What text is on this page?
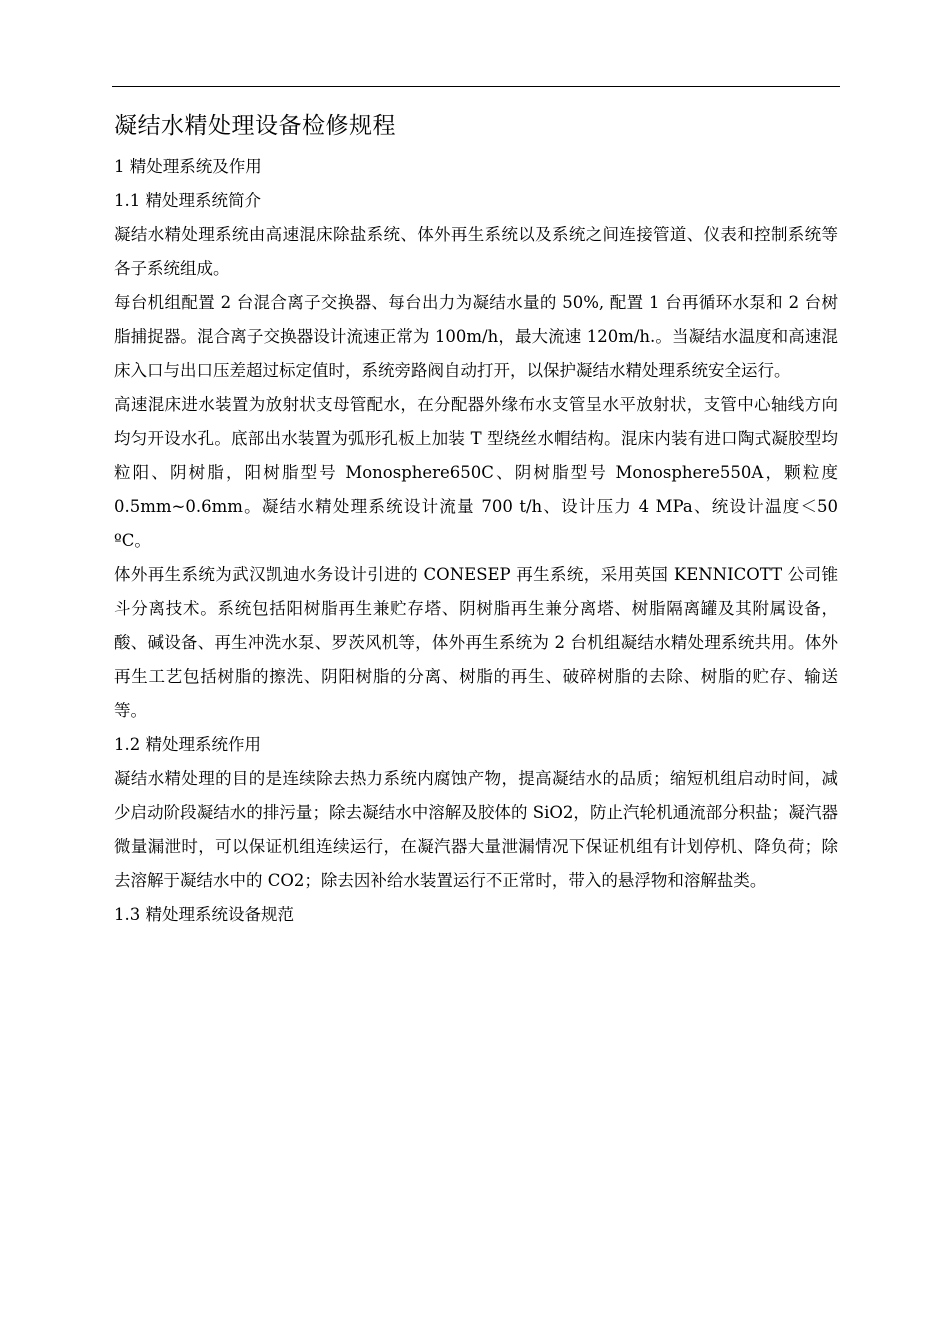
凝结水精处理设备检修规程

1 精处理系统及作用

1.1 精处理系统简介

凝结水精处理系统由高速混床除盐系统、体外再生系统以及系统之间连接管道、仪表和控制系统等各子系统组成。

每台机组配置 2 台混合离子交换器、每台出力为凝结水量的 50%, 配置 1 台再循环水泵和 2 台树脂捕捉器。混合离子交换器设计流速正常为 100m/h，最大流速 120m/h.。当凝结水温度和高速混床入口与出口压差超过标定值时，系统旁路阀自动打开，以保护凝结水精处理系统安全运行。

高速混床进水装置为放射状支母管配水，在分配器外缘布水支管呈水平放射状，支管中心轴线方向均匀开设水孔。底部出水装置为弧形孔板上加装 T 型绕丝水帽结构。混床内装有进口陶式凝胶型均粒阳、阴树脂，阳树脂型号 Monosphere650C、阴树脂型号 Monosphere550A，颗粒度 0.5mm~0.6mm。凝结水精处理系统设计流量 700 t/h、设计压力 4 MPa、统设计温度＜50 ºC。

体外再生系统为武汉凯迪水务设计引进的 CONESEP 再生系统，采用英国 KENNICOTT 公司锥斗分离技术。系统包括阳树脂再生兼贮存塔、阴树脂再生兼分离塔、树脂隔离罐及其附属设备，酸、碱设备、再生冲洗水泵、罗茨风机等，体外再生系统为 2 台机组凝结水精处理系统共用。体外再生工艺包括树脂的擦洗、阴阳树脂的分离、树脂的再生、破碎树脂的去除、树脂的贮存、输送等。

1.2 精处理系统作用

凝结水精处理的目的是连续除去热力系统内腐蚀产物，提高凝结水的品质；缩短机组启动时间，减少启动阶段凝结水的排污量；除去凝结水中溶解及胶体的 SiO2，防止汽轮机通流部分积盐；凝汽器微量漏泄时，可以保证机组连续运行，在凝汽器大量泄漏情况下保证机组有计划停机、降负荷；除去溶解于凝结水中的 CO2；除去因补给水装置运行不正常时，带入的悬浮物和溶解盐类。

1.3 精处理系统设备规范
